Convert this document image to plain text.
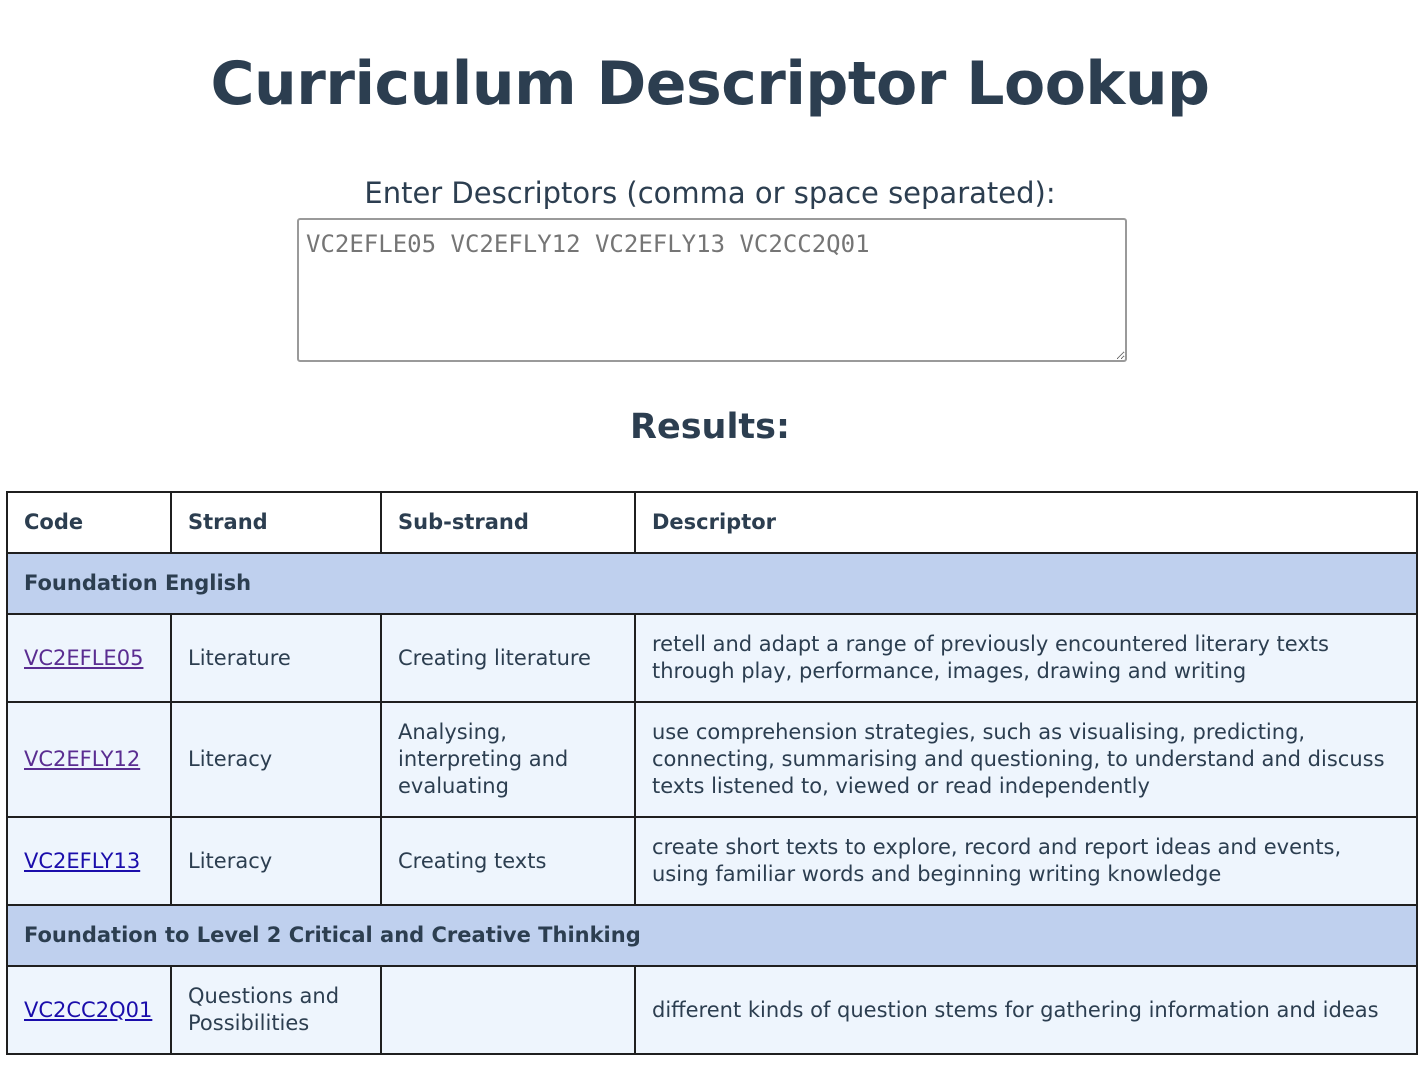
Curriculum Descriptor Lookup
Enter Descriptors (comma or space separated):
VC2EFLE05 VC2EFLY12 VC2EFLY13 VC2CC2Q01
Results:
Code	Strand	Sub-strand	Descriptor
Foundation English			
VC2EFLE05	Literature	Creating literature	retell and adapt a range of previously encountered literary texts through play, performance, images, drawing and writing
VC2EFLY12	Literacy	Analysing, interpreting and evaluating	use comprehension strategies, such as visualising, predicting, connecting, summarising and questioning, to understand and discuss texts listened to, viewed or read independently
VC2EFLY13	Literacy	Creating texts	create short texts to explore, record and report ideas and events, using familiar words and beginning writing knowledge
Foundation to Level 2 Critical and Creative Thinking			
VC2CC2Q01	Questions and Possibilities		different kinds of question stems for gathering information and ideas
